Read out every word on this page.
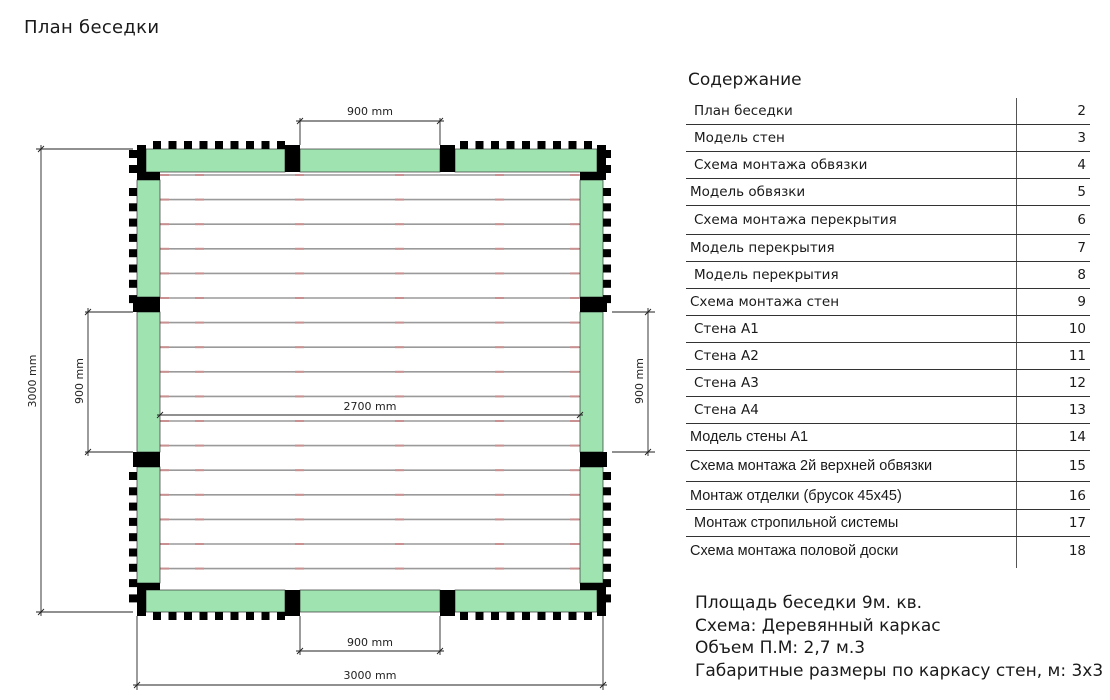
План беседки
900 mm
900 mm
3000 mm
2700 mm
3000 mm	900 mm	900 mm
Содержание
План беседки	2
Модель стен	3
Схема монтажа обвязки	4
Модель обвязки	5
Схема монтажа перекрытия	6
Модель перекрытия	7
Модель перекрытия	8
Схема монтажа стен	9
Стена А1	10
Стена А2	11
Стена А3	12
Стена А4	13
Модель стены А1	14
Схема монтажа 2й верхней обвязки	15
Монтаж отделки (брусок 45х45)	16
Монтаж стропильной системы	17
Схема монтажа половой доски	18
Площадь беседки 9м. кв.
Схема: Деревянный каркас
Объем П.М: 2,7 м.3
Габаритные размеры по каркасу стен, м: 3х3
